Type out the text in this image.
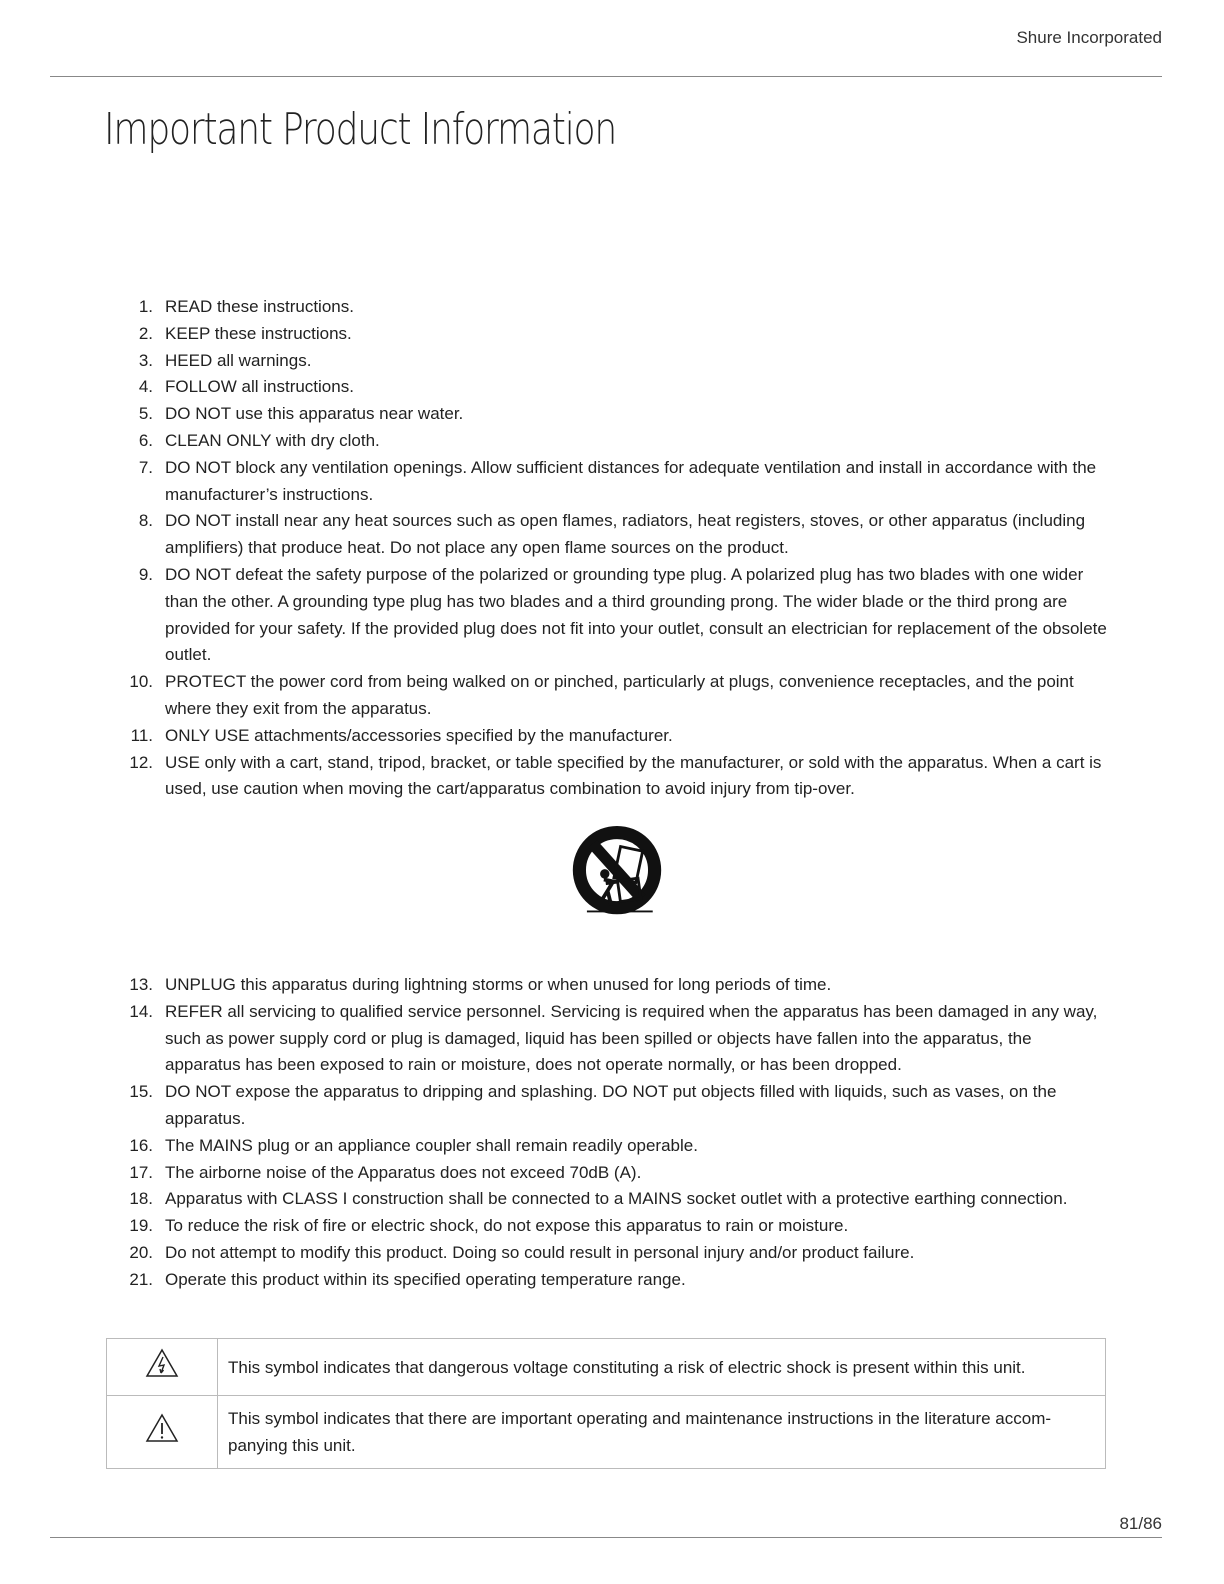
Shure Incorporated
Important Product Information
1. READ these instructions.
2. KEEP these instructions.
3. HEED all warnings.
4. FOLLOW all instructions.
5. DO NOT use this apparatus near water.
6. CLEAN ONLY with dry cloth.
7. DO NOT block any ventilation openings. Allow sufficient distances for adequate ventilation and install in accordance with the manufacturer’s instructions.
8. DO NOT install near any heat sources such as open flames, radiators, heat registers, stoves, or other apparatus (including amplifiers) that produce heat. Do not place any open flame sources on the product.
9. DO NOT defeat the safety purpose of the polarized or grounding type plug. A polarized plug has two blades with one wider than the other. A grounding type plug has two blades and a third grounding prong. The wider blade or the third prong are provided for your safety. If the provided plug does not fit into your outlet, consult an electrician for replacement of the obsolete outlet.
10. PROTECT the power cord from being walked on or pinched, particularly at plugs, convenience receptacles, and the point where they exit from the apparatus.
11. ONLY USE attachments/accessories specified by the manufacturer.
12. USE only with a cart, stand, tripod, bracket, or table specified by the manufacturer, or sold with the apparatus. When a cart is used, use caution when moving the cart/apparatus combination to avoid injury from tip-over.
13. UNPLUG this apparatus during lightning storms or when unused for long periods of time.
14. REFER all servicing to qualified service personnel. Servicing is required when the apparatus has been damaged in any way, such as power supply cord or plug is damaged, liquid has been spilled or objects have fallen into the apparatus, the apparatus has been exposed to rain or moisture, does not operate normally, or has been dropped.
15. DO NOT expose the apparatus to dripping and splashing. DO NOT put objects filled with liquids, such as vases, on the apparatus.
16. The MAINS plug or an appliance coupler shall remain readily operable.
17. The airborne noise of the Apparatus does not exceed 70dB (A).
18. Apparatus with CLASS I construction shall be connected to a MAINS socket outlet with a protective earthing connection.
19. To reduce the risk of fire or electric shock, do not expose this apparatus to rain or moisture.
20. Do not attempt to modify this product. Doing so could result in personal injury and/or product failure.
21. Operate this product within its specified operating temperature range.
	This symbol indicates that dangerous voltage constituting a risk of electric shock is present within this unit.
	This symbol indicates that there are important operating and maintenance instructions in the literature accompanying this unit.
81/86
